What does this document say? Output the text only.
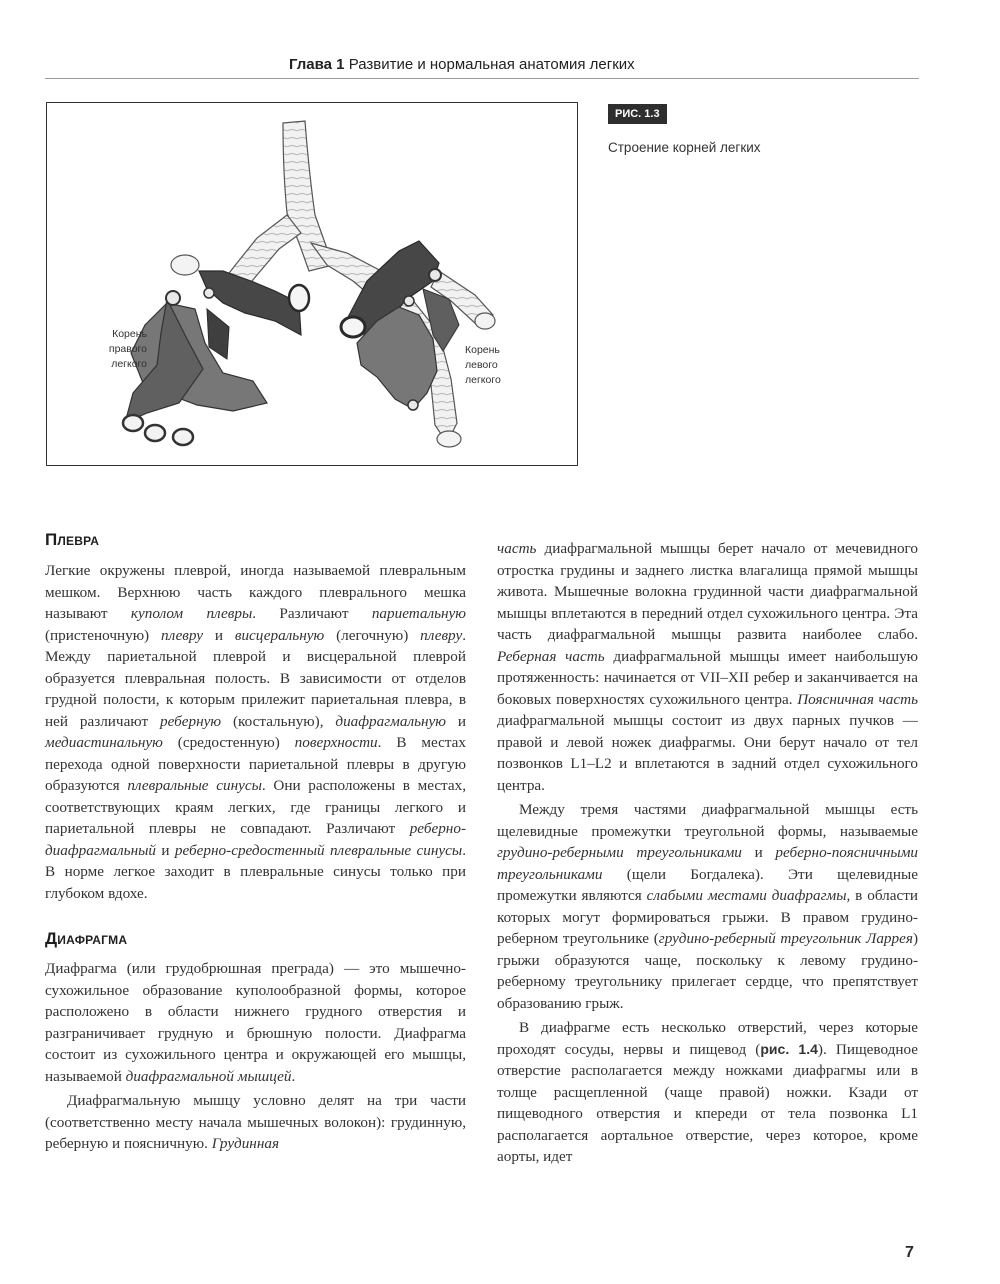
Глава 1 Развитие и нормальная анатомия легких
Корень
правого
легкого
Корень
левого
легкого
РИС. 1.3
Строение корней легких
Плевра

Легкие окружены плеврой, иногда называемой плевральным мешком. Верхнюю часть каждого плеврального мешка называют куполом плевры. Различают париетальную (пристеночную) плевру и висцеральную (легочную) плевру. Между париетальной плеврой и висцеральной плеврой образуется плевральная полость. В зависимости от отделов грудной полости, к которым прилежит париетальная плевра, в ней различают реберную (костальную), диафрагмальную и медиастинальную (средостенную) поверхности. В местах перехода одной поверхности париетальной плевры в другую образуются плевральные синусы. Они расположены в местах, соответствующих краям легких, где границы легкого и париетальной плевры не совпадают. Различают реберно-диафрагмальный и реберно-средостенный плевральные синусы. В норме легкое заходит в плевральные синусы только при глубоком вдохе.

Диафрагма

Диафрагма (или грудобрюшная преграда) — это мышечно-сухожильное образование куполообразной формы, которое расположено в области нижнего грудного отверстия и разграничивает грудную и брюшную полости. Диафрагма состоит из сухожильного центра и окружающей его мышцы, называемой диафрагмальной мышцей.

Диафрагмальную мышцу условно делят на три части (соответственно месту начала мышечных волокон): грудинную, реберную и поясничную. Грудинная

часть диафрагмальной мышцы берет начало от мечевидного отростка грудины и заднего листка влагалища прямой мышцы живота. Мышечные волокна грудинной части диафрагмальной мышцы вплетаются в передний отдел сухожильного центра. Эта часть диафрагмальной мышцы развита наиболее слабо. Реберная часть диафрагмальной мышцы имеет наибольшую протяженность: начинается от VII–XII ребер и заканчивается на боковых поверхностях сухожильного центра. Поясничная часть диафрагмальной мышцы состоит из двух парных пучков — правой и левой ножек диафрагмы. Они берут начало от тел позвонков L1–L2 и вплетаются в задний отдел сухожильного центра.

Между тремя частями диафрагмальной мышцы есть щелевидные промежутки треугольной формы, называемые грудино-реберными треугольниками и реберно-поясничными треугольниками (щели Богдалека). Эти щелевидные промежутки являются слабыми местами диафрагмы, в области которых могут формироваться грыжи. В правом грудино-реберном треугольнике (грудино-реберный треугольник Ларрея) грыжи образуются чаще, поскольку к левому грудино-реберному треугольнику прилегает сердце, что препятствует образованию грыж.

В диафрагме есть несколько отверстий, через которые проходят сосуды, нервы и пищевод (рис. 1.4). Пищеводное отверстие располагается между ножками диафрагмы или в толще расщепленной (чаще правой) ножки. Кзади от пищеводного отверстия и кпереди от тела позвонка L1 располагается аортальное отверстие, через которое, кроме аорты, идет

7
